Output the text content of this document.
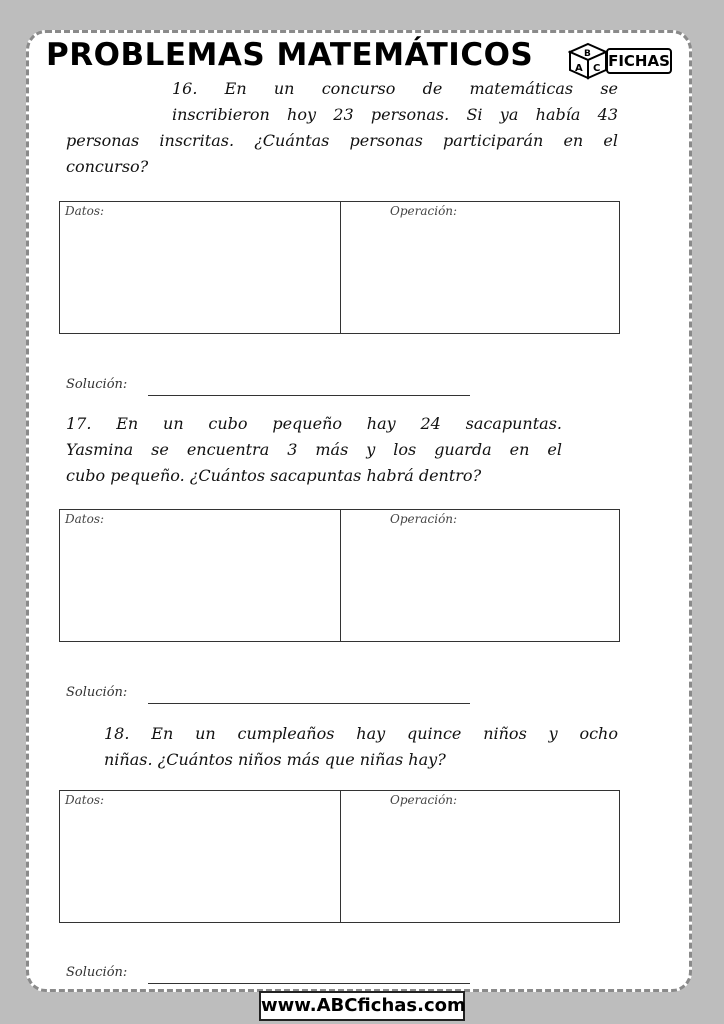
PROBLEMAS MATEMÁTICOS	A
B
C FICHAS
16. En un concurso de matemáticas se
inscribieron hoy 23 personas. Si ya había 43
personas inscritas. ¿Cuántas personas participarán en el
concurso?
Datos:	Operación:
Solución:
17. En un cubo pequeño hay 24 sacapuntas.
Yasmina se encuentra 3 más y los guarda en el
cubo pequeño. ¿Cuántos sacapuntas habrá dentro?
Datos:	Operación:
Solución:
18. En un cumpleaños hay quince niños y ocho
niñas. ¿Cuántos niños más que niñas hay?
Datos:	Operación:
Solución:
www.ABCfichas.com
